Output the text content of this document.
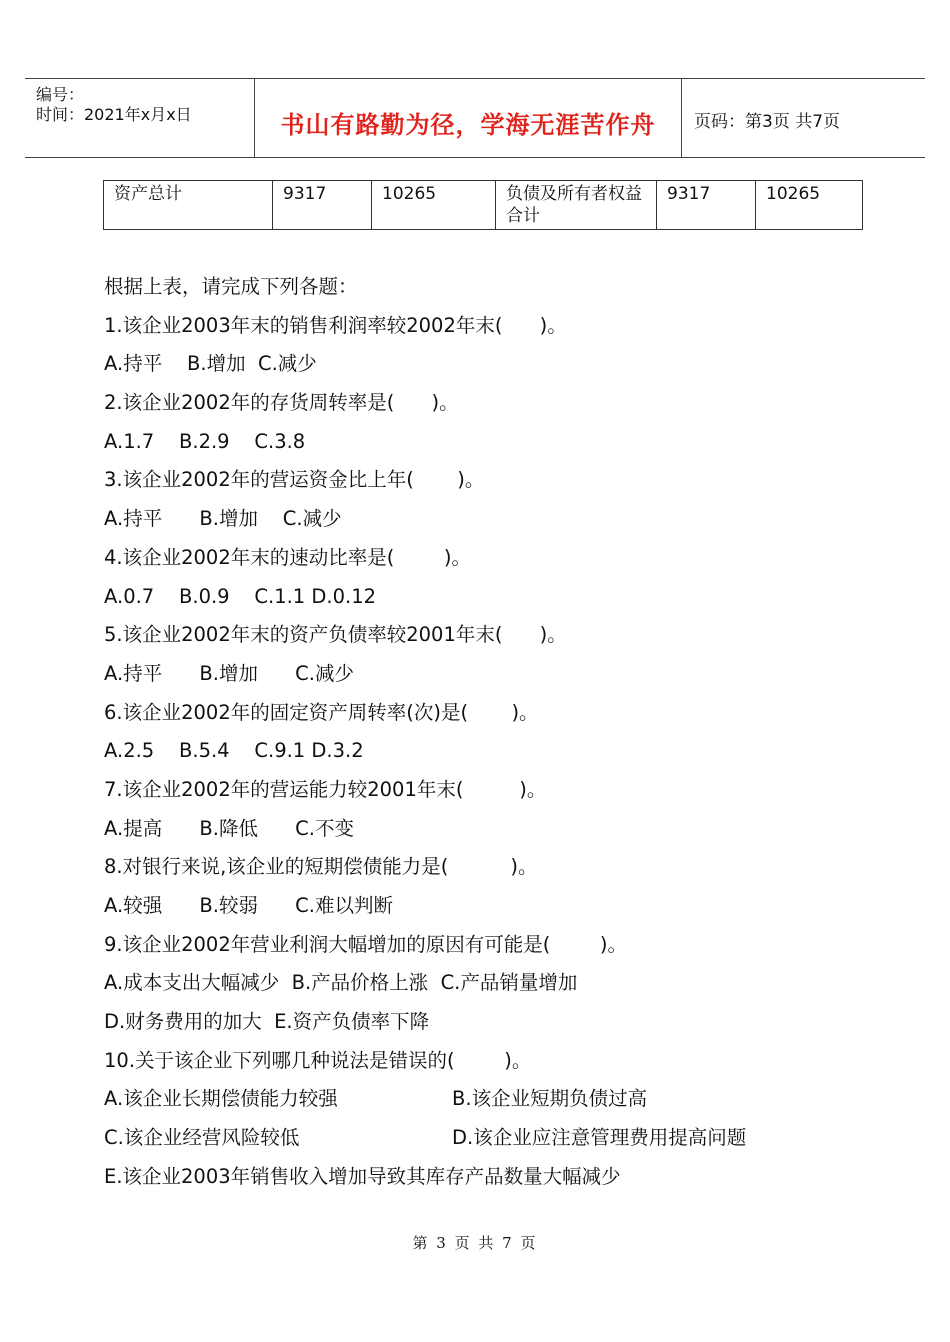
编号：
时间：2021年x月x日	书山有路勤为径，学海无涯苦作舟	页码：第3页 共7页
资产总计	9317	10265	负债及所有者权益合计	9317	10265
根据上表，请完成下列各题：
1.该企业2003年末的销售利润率较2002年末(      )。
A.持平    B.增加  C.减少
2.该企业2002年的存货周转率是(      )。
A.1.7    B.2.9    C.3.8
3.该企业2002年的营运资金比上年(       )。
A.持平      B.增加    C.减少
4.该企业2002年末的速动比率是(        )。
A.0.7    B.0.9    C.1.1 D.0.12
5.该企业2002年末的资产负债率较2001年末(      )。
A.持平      B.增加      C.减少
6.该企业2002年的固定资产周转率(次)是(       )。
A.2.5    B.5.4    C.9.1 D.3.2
7.该企业2002年的营运能力较2001年末(         )。
A.提高      B.降低      C.不变
8.对银行来说,该企业的短期偿债能力是(          )。
A.较强      B.较弱      C.难以判断
9.该企业2002年营业利润大幅增加的原因有可能是(        )。
A.成本支出大幅减少  B.产品价格上涨  C.产品销量增加
D.财务费用的加大  E.资产负债率下降
10.关于该企业下列哪几种说法是错误的(        )。
A.该企业长期偿债能力较强	B.该企业短期负债过高
C.该企业经营风险较低	D.该企业应注意管理费用提高问题
E.该企业2003年销售收入增加导致其库存产品数量大幅减少
第 3 页 共 7 页
